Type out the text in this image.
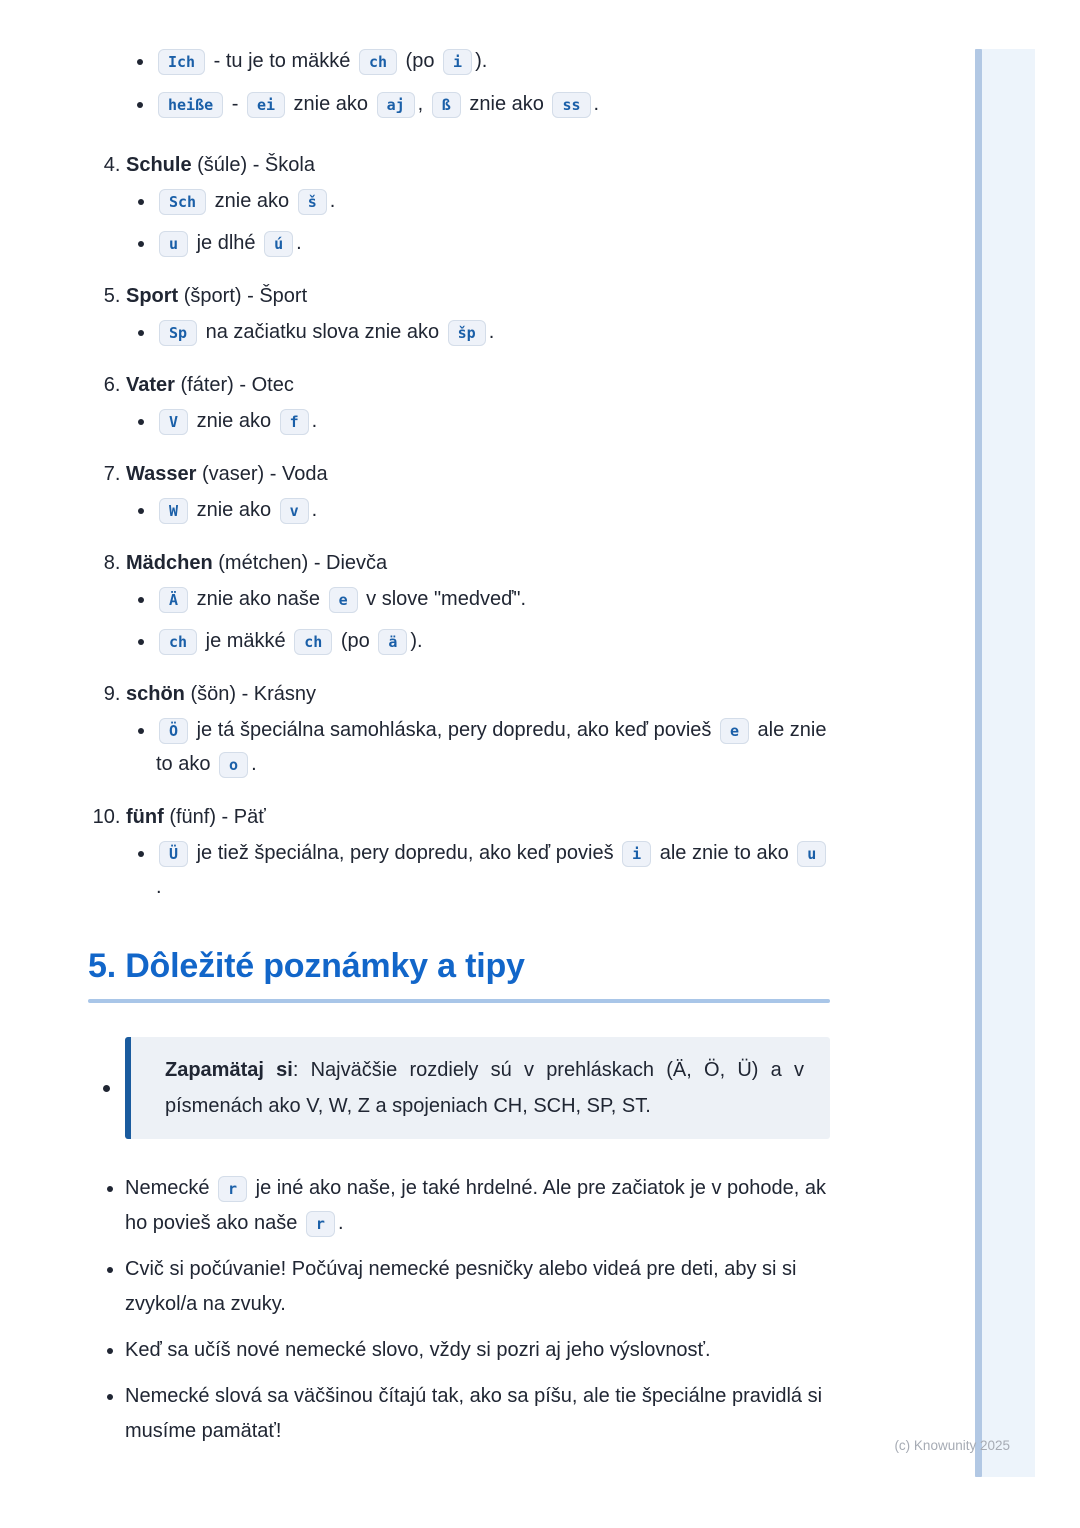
• Ich - tu je to mäkké ch (po i ).
• heiße - ei znie ako aj , ß znie ako ss .
4. Schule (šúle) - Škola
• Sch znie ako š .
• u je dlhé ú .
5. Sport (šport) - Šport
• Sp na začiatku slova znie ako šp .
6. Vater (fáter) - Otec
• V znie ako f .
7. Wasser (vaser) - Voda
• W znie ako v .
8. Mädchen (métchen) - Dievča
• Ä znie ako naše e v slove "medveď".
• ch je mäkké ch (po ä ).
9. schön (šön) - Krásny
• Ö je tá špeciálna samohláska, pery dopredu, ako keď povieš e ale znie to ako o .
10. fünf (fünf) - Päť
• Ü je tiež špeciálna, pery dopredu, ako keď povieš i ale znie to ako u.
5. Dôležité poznámky a tipy

Zapamätaj si: Najväčšie rozdiely sú v prehláskach (Ä, Ö, Ü) a v písmenách ako V, W, Z a spojeniach CH, SCH, SP, ST.

• Nemecké r je iné ako naše, je také hrdelné. Ale pre začiatok je v pohode, ak ho povieš ako naše r .
• Cvič si počúvanie! Počúvaj nemecké pesničky alebo videá pre deti, aby si si zvykol/a na zvuky.
• Keď sa učíš nové nemecké slovo, vždy si pozri aj jeho výslovnosť.
• Nemecké slová sa väčšinou čítajú tak, ako sa píšu, ale tie špeciálne pravidlá si musíme pamätať!
(c) Knowunity 2025
